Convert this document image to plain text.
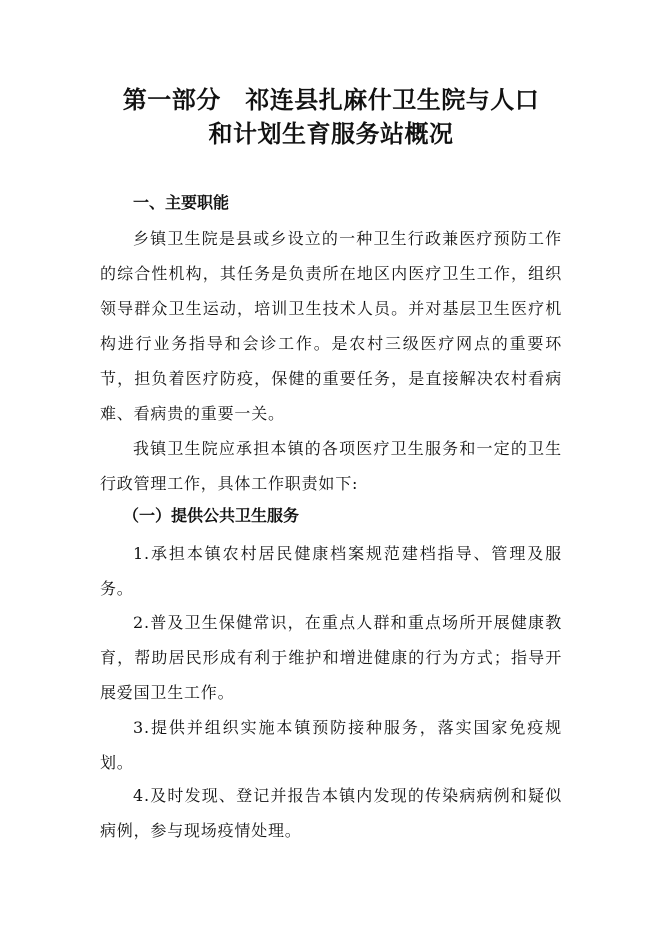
第一部分　祁连县扎麻什卫生院与人口
和计划生育服务站概况
一、主要职能

乡镇卫生院是县或乡设立的一种卫生行政兼医疗预防工作的综合性机构，其任务是负责所在地区内医疗卫生工作，组织领导群众卫生运动，培训卫生技术人员。并对基层卫生医疗机构进行业务指导和会诊工作。是农村三级医疗网点的重要环节，担负着医疗防疫，保健的重要任务，是直接解决农村看病难、看病贵的重要一关。

我镇卫生院应承担本镇的各项医疗卫生服务和一定的卫生行政管理工作，具体工作职责如下:

（一）提供公共卫生服务

1.承担本镇农村居民健康档案规范建档指导、管理及服务。

2.普及卫生保健常识，在重点人群和重点场所开展健康教育，帮助居民形成有利于维护和增进健康的行为方式；指导开展爱国卫生工作。

3.提供并组织实施本镇预防接种服务，落实国家免疫规划。

4.及时发现、登记并报告本镇内发现的传染病病例和疑似病例，参与现场疫情处理。
